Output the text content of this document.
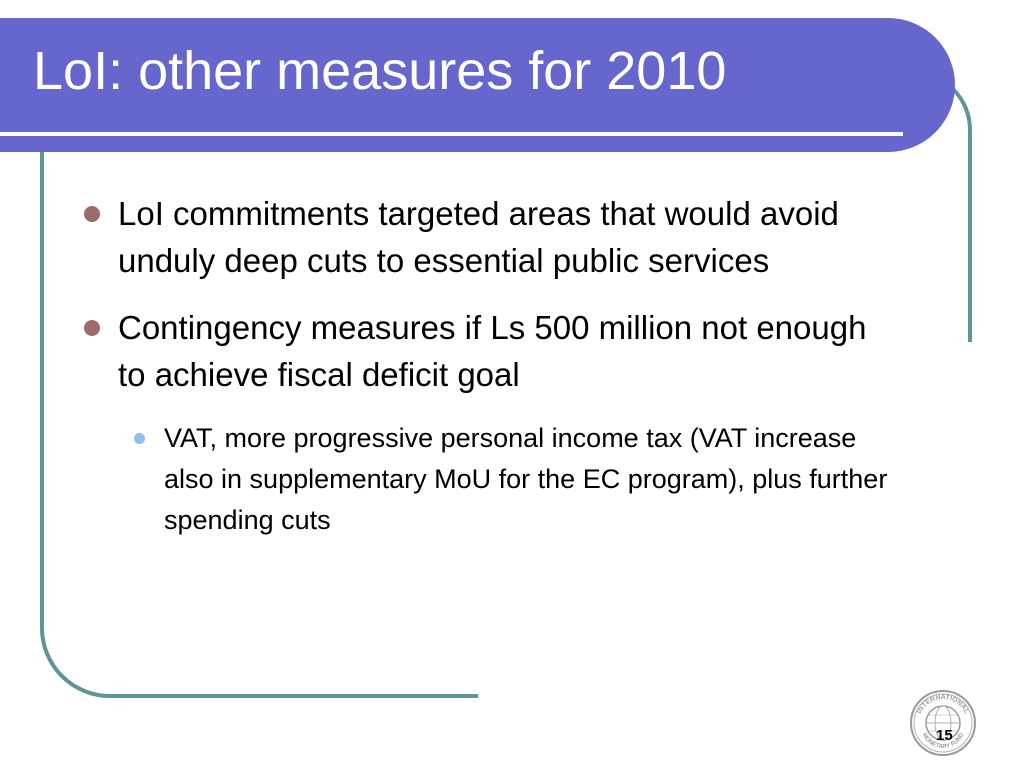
LoI: other measures for 2010
LoI commitments targeted areas that would avoid unduly deep cuts to essential public services
Contingency measures if Ls 500 million not enough to achieve fiscal deficit goal
VAT, more progressive personal income tax (VAT increase also in supplementary MoU for the EC program), plus further spending cuts
INTERNATIONAL
MONETARY FUND
15
